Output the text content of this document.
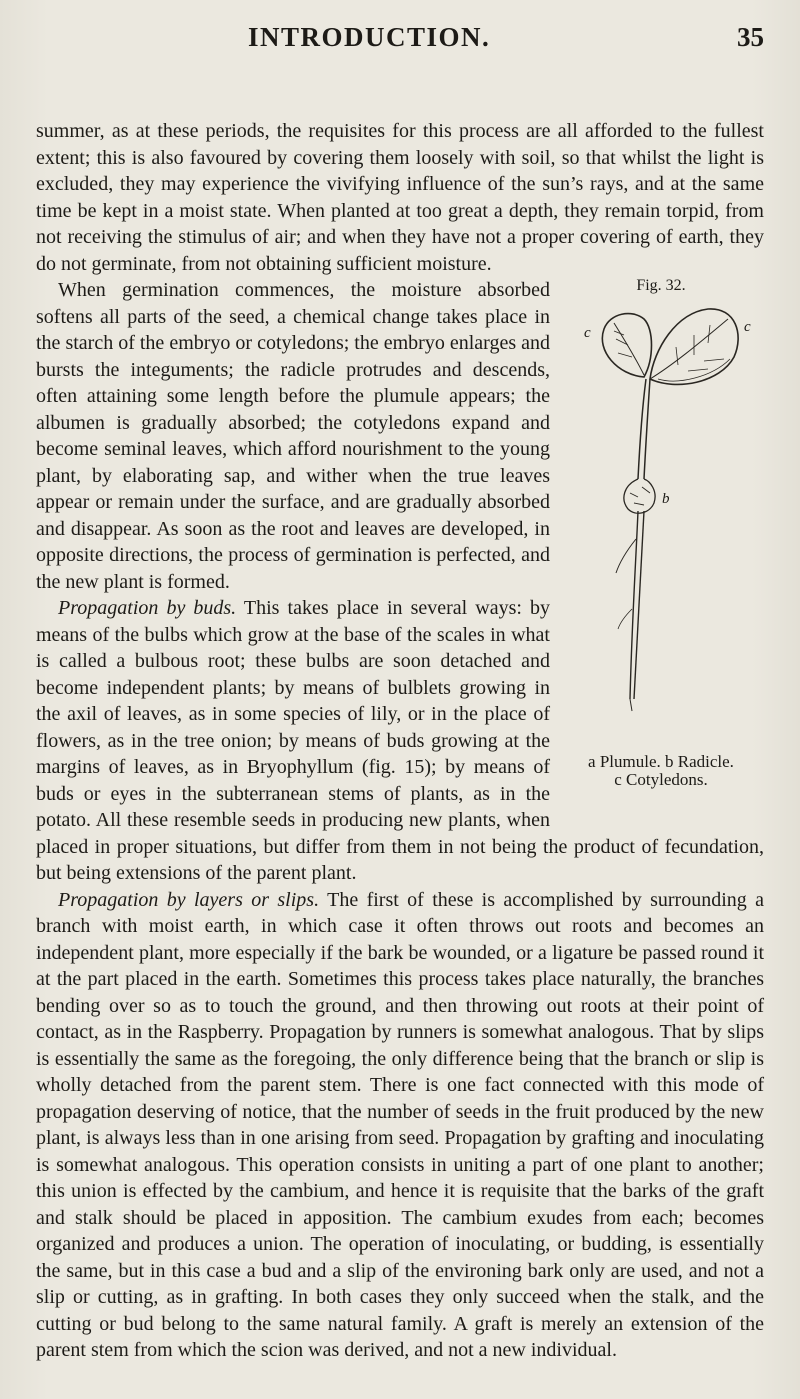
INTRODUCTION.	35

summer, as at these periods, the requisites for this process are all afforded to the fullest extent; this is also favoured by covering them loosely with soil, so that whilst the light is excluded, they may experience the vivifying influence of the sun’s rays, and at the same time be kept in a moist state. When planted at too great a depth, they remain torpid, from not receiving the stimulus of air; and when they have not a proper covering of earth, they do not germinate, from not obtaining sufficient moisture.

Fig. 32.
c	c
b
a Plumule. b Radicle.
c Cotyledons.

When germination commences, the moisture absorbed softens all parts of the seed, a chemical change takes place in the starch of the embryo or cotyledons; the embryo enlarges and bursts the integuments; the radicle protrudes and descends, often attaining some length before the plumule appears; the albumen is gradually absorbed; the cotyledons expand and become seminal leaves, which afford nourishment to the young plant, by elaborating sap, and wither when the true leaves appear or remain under the surface, and are gradually absorbed and disappear. As soon as the root and leaves are developed, in opposite directions, the process of germination is perfected, and the new plant is formed.

Propagation by buds. This takes place in several ways: by means of the bulbs which grow at the base of the scales in what is called a bulbous root; these bulbs are soon detached and become independent plants; by means of bulblets growing in the axil of leaves, as in some species of lily, or in the place of flowers, as in the tree onion; by means of buds growing at the margins of leaves, as in Bryophyllum (fig. 15); by means of buds or eyes in the subterranean stems of plants, as in the potato. All these resemble seeds in producing new plants, when placed in proper situations, but differ from them in not being the product of fecundation, but being extensions of the parent plant.

Propagation by layers or slips. The first of these is accomplished by surrounding a branch with moist earth, in which case it often throws out roots and becomes an independent plant, more especially if the bark be wounded, or a ligature be passed round it at the part placed in the earth. Sometimes this process takes place naturally, the branches bending over so as to touch the ground, and then throwing out roots at their point of contact, as in the Raspberry. Propagation by runners is somewhat analogous. That by slips is essentially the same as the foregoing, the only difference being that the branch or slip is wholly detached from the parent stem. There is one fact connected with this mode of propagation deserving of notice, that the number of seeds in the fruit produced by the new plant, is always less than in one arising from seed. Propagation by grafting and inoculating is somewhat analogous. This operation consists in uniting a part of one plant to another; this union is effected by the cambium, and hence it is requisite that the barks of the graft and stalk should be placed in apposition. The cambium exudes from each; becomes organized and produces a union. The operation of inoculating, or budding, is essentially the same, but in this case a bud and a slip of the environing bark only are used, and not a slip or cutting, as in grafting. In both cases they only succeed when the stalk, and the cutting or bud belong to the same natural family. A graft is merely an extension of the parent stem from which the scion was derived, and not a new individual.
